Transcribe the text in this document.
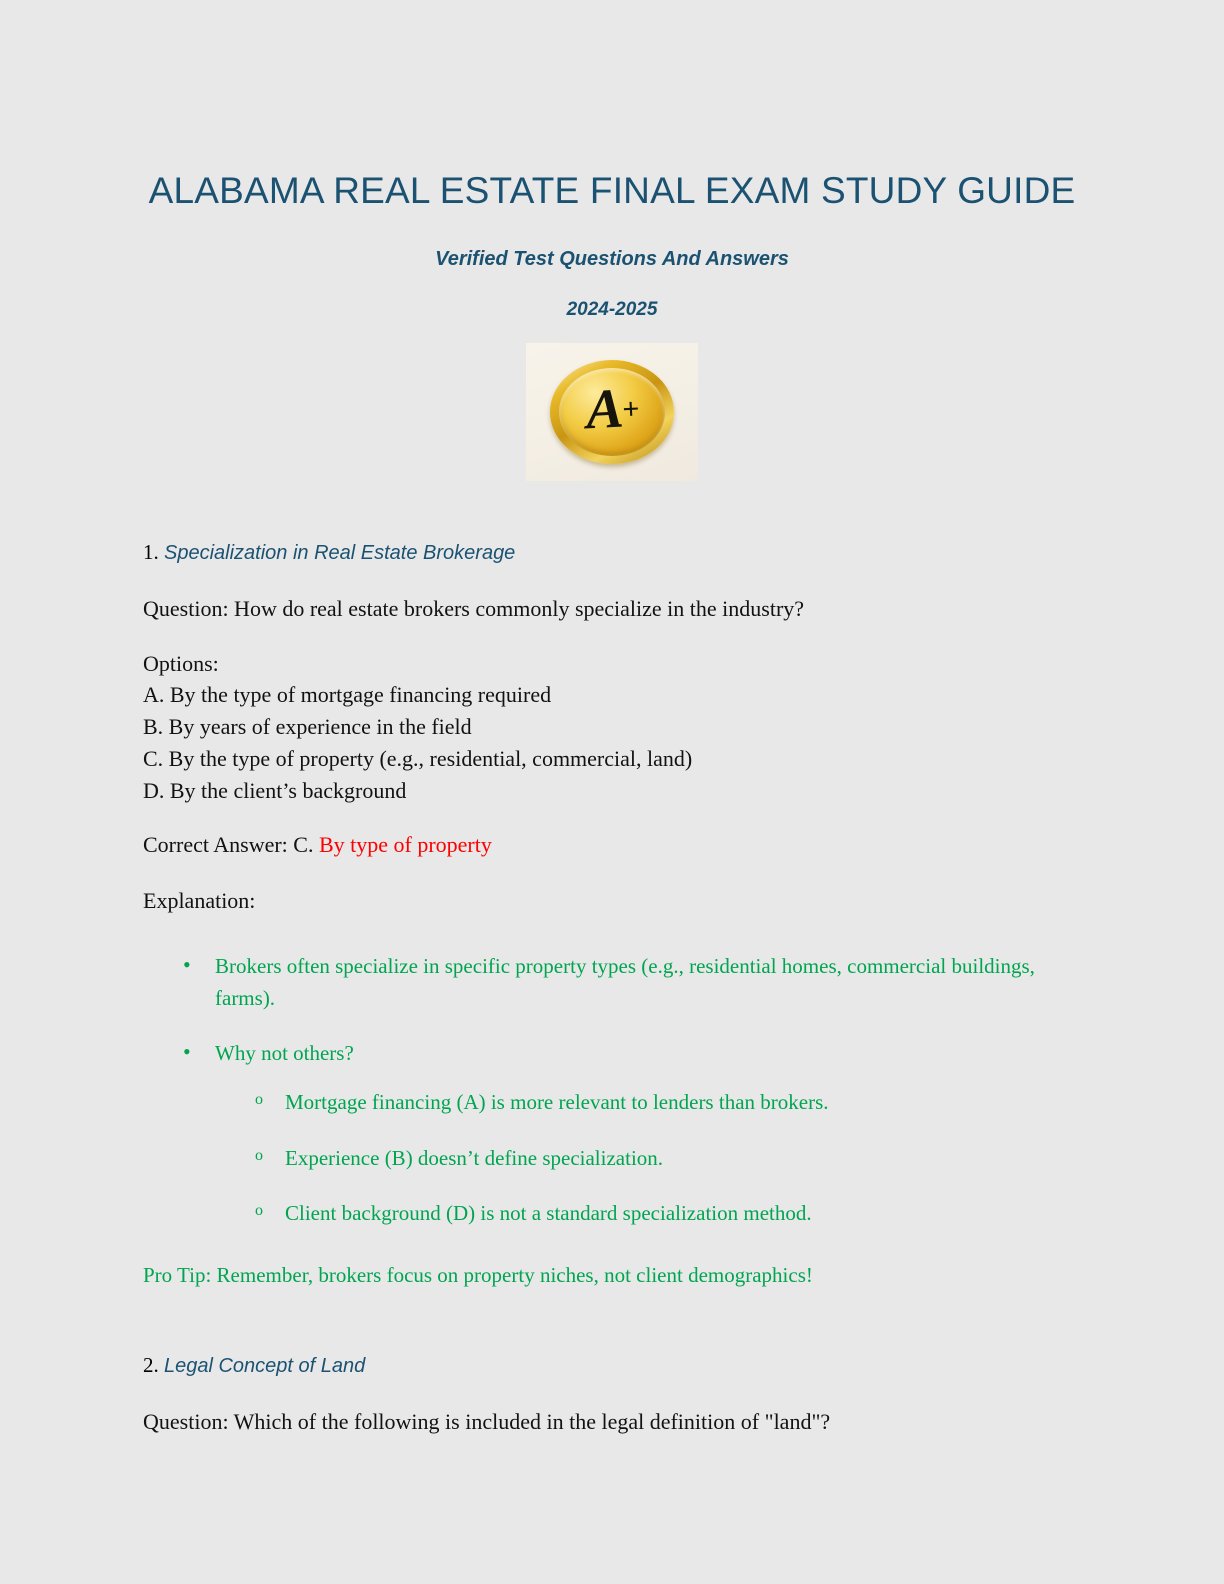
ALABAMA REAL ESTATE FINAL EXAM STUDY GUIDE

Verified Test Questions And Answers

2024-2025

A+

1. Specialization in Real Estate Brokerage

Question: How do real estate brokers commonly specialize in the industry?

Options:
A. By the type of mortgage financing required
B. By years of experience in the field
C. By the type of property (e.g., residential, commercial, land)
D. By the client’s background

Correct Answer: C. By type of property

Explanation:

• Brokers often specialize in specific property types (e.g., residential homes, commercial buildings, farms).
• Why not others?
o Mortgage financing (A) is more relevant to lenders than brokers.
o Experience (B) doesn’t define specialization.
o Client background (D) is not a standard specialization method.

Pro Tip: Remember, brokers focus on property niches, not client demographics!

2. Legal Concept of Land

Question: Which of the following is included in the legal definition of "land"?
